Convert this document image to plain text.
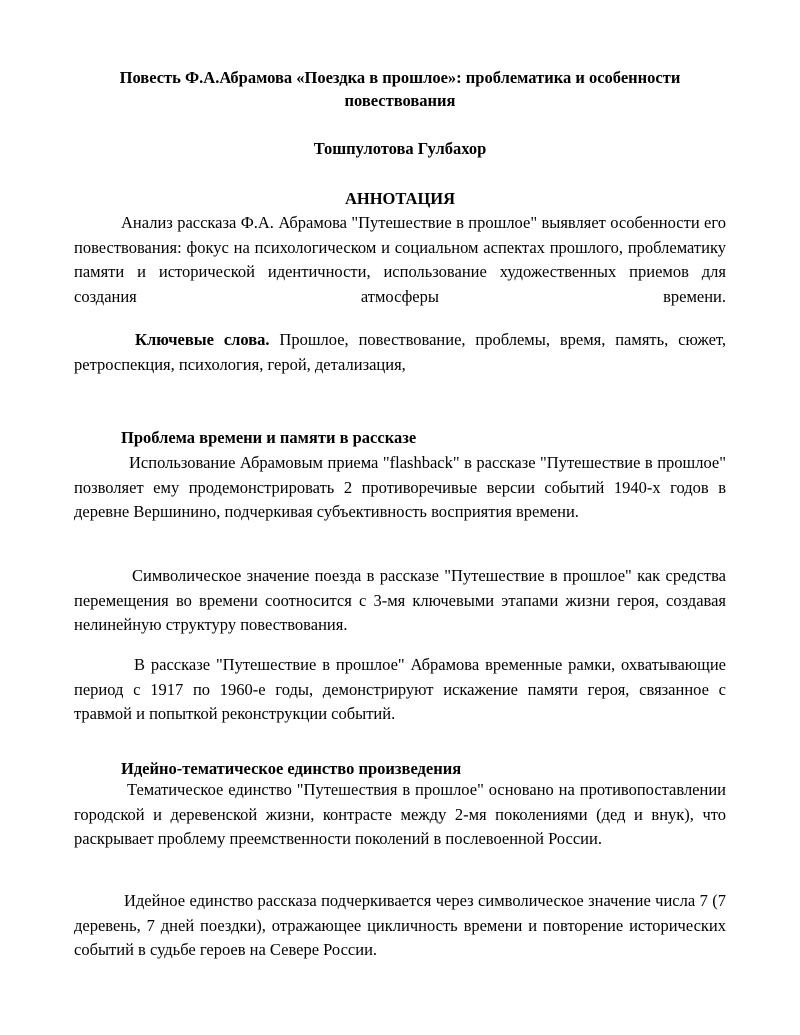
Повесть Ф.А.Абрамова «Поездка в прошлое»: проблематика и особенности повествования
Тошпулотова Гулбахор
АННОТАЦИЯ

Анализ рассказа Ф.А. Абрамова "Путешествие в прошлое" выявляет особенности его повествования: фокус на психологическом и социальном аспектах прошлого, проблематику памяти и исторической идентичности, использование художественных приемов для создания атмосферы времени.

Ключевые слова. Прошлое, повествование, проблемы, время, память, сюжет, ретроспекция, психология, герой, детализация,

Проблема времени и памяти в рассказе

Использование Абрамовым приема "flashback" в рассказе "Путешествие в прошлое" позволяет ему продемонстрировать 2 противоречивые версии событий 1940-х годов в деревне Вершинино, подчеркивая субъективность восприятия времени.

Символическое значение поезда в рассказе "Путешествие в прошлое" как средства перемещения во времени соотносится с 3-мя ключевыми этапами жизни героя, создавая нелинейную структуру повествования.

В рассказе "Путешествие в прошлое" Абрамова временные рамки, охватывающие период с 1917 по 1960-е годы, демонстрируют искажение памяти героя, связанное с травмой и попыткой реконструкции событий.

Идейно-тематическое единство произведения

Тематическое единство "Путешествия в прошлое" основано на противопоставлении городской и деревенской жизни, контрасте между 2-мя поколениями (дед и внук), что раскрывает проблему преемственности поколений в послевоенной России.

Идейное единство рассказа подчеркивается через символическое значение числа 7 (7 деревень, 7 дней поездки), отражающее цикличность времени и повторение исторических событий в судьбе героев на Севере России.
